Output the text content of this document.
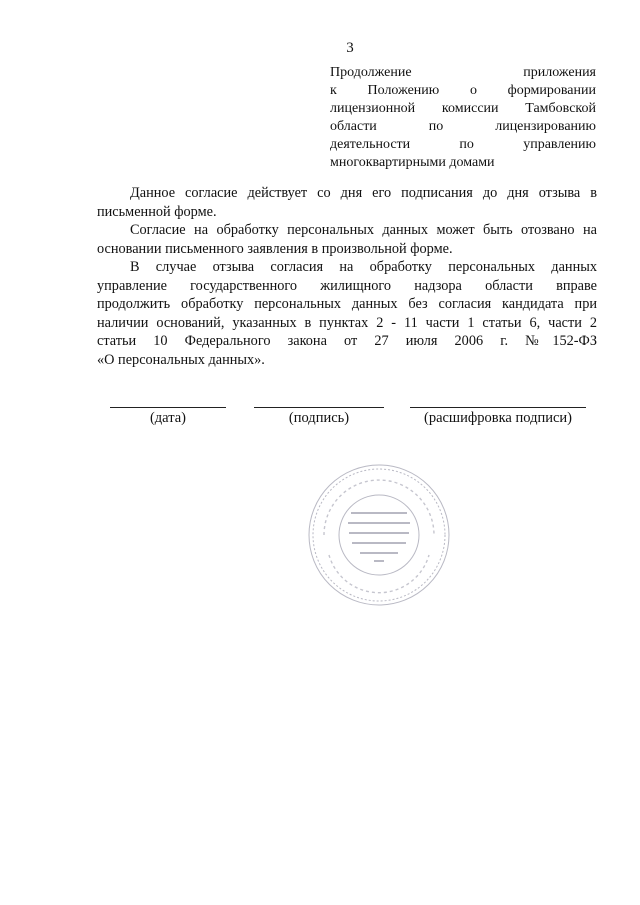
3
Продолжение приложения
к Положению о формировании
лицензионной комиссии Тамбовской
области по лицензированию
деятельности по управлению
многоквартирными домами
Данное согласие действует со дня его подписания до дня отзыва в
письменной форме.
Согласие на обработку персональных данных может быть отозвано на
основании письменного заявления в произвольной форме.
В случае отзыва согласия на обработку персональных данных
управление государственного жилищного надзора области вправе
продолжить обработку персональных данных без согласия кандидата при
наличии оснований, указанных в пунктах 2 - 11 части 1 статьи 6, части 2
статьи 10 Федерального закона от 27 июля 2006 г. №152-ФЗ
«О персональных данных».
(дата)	(подпись)	(расшифровка подписи)
